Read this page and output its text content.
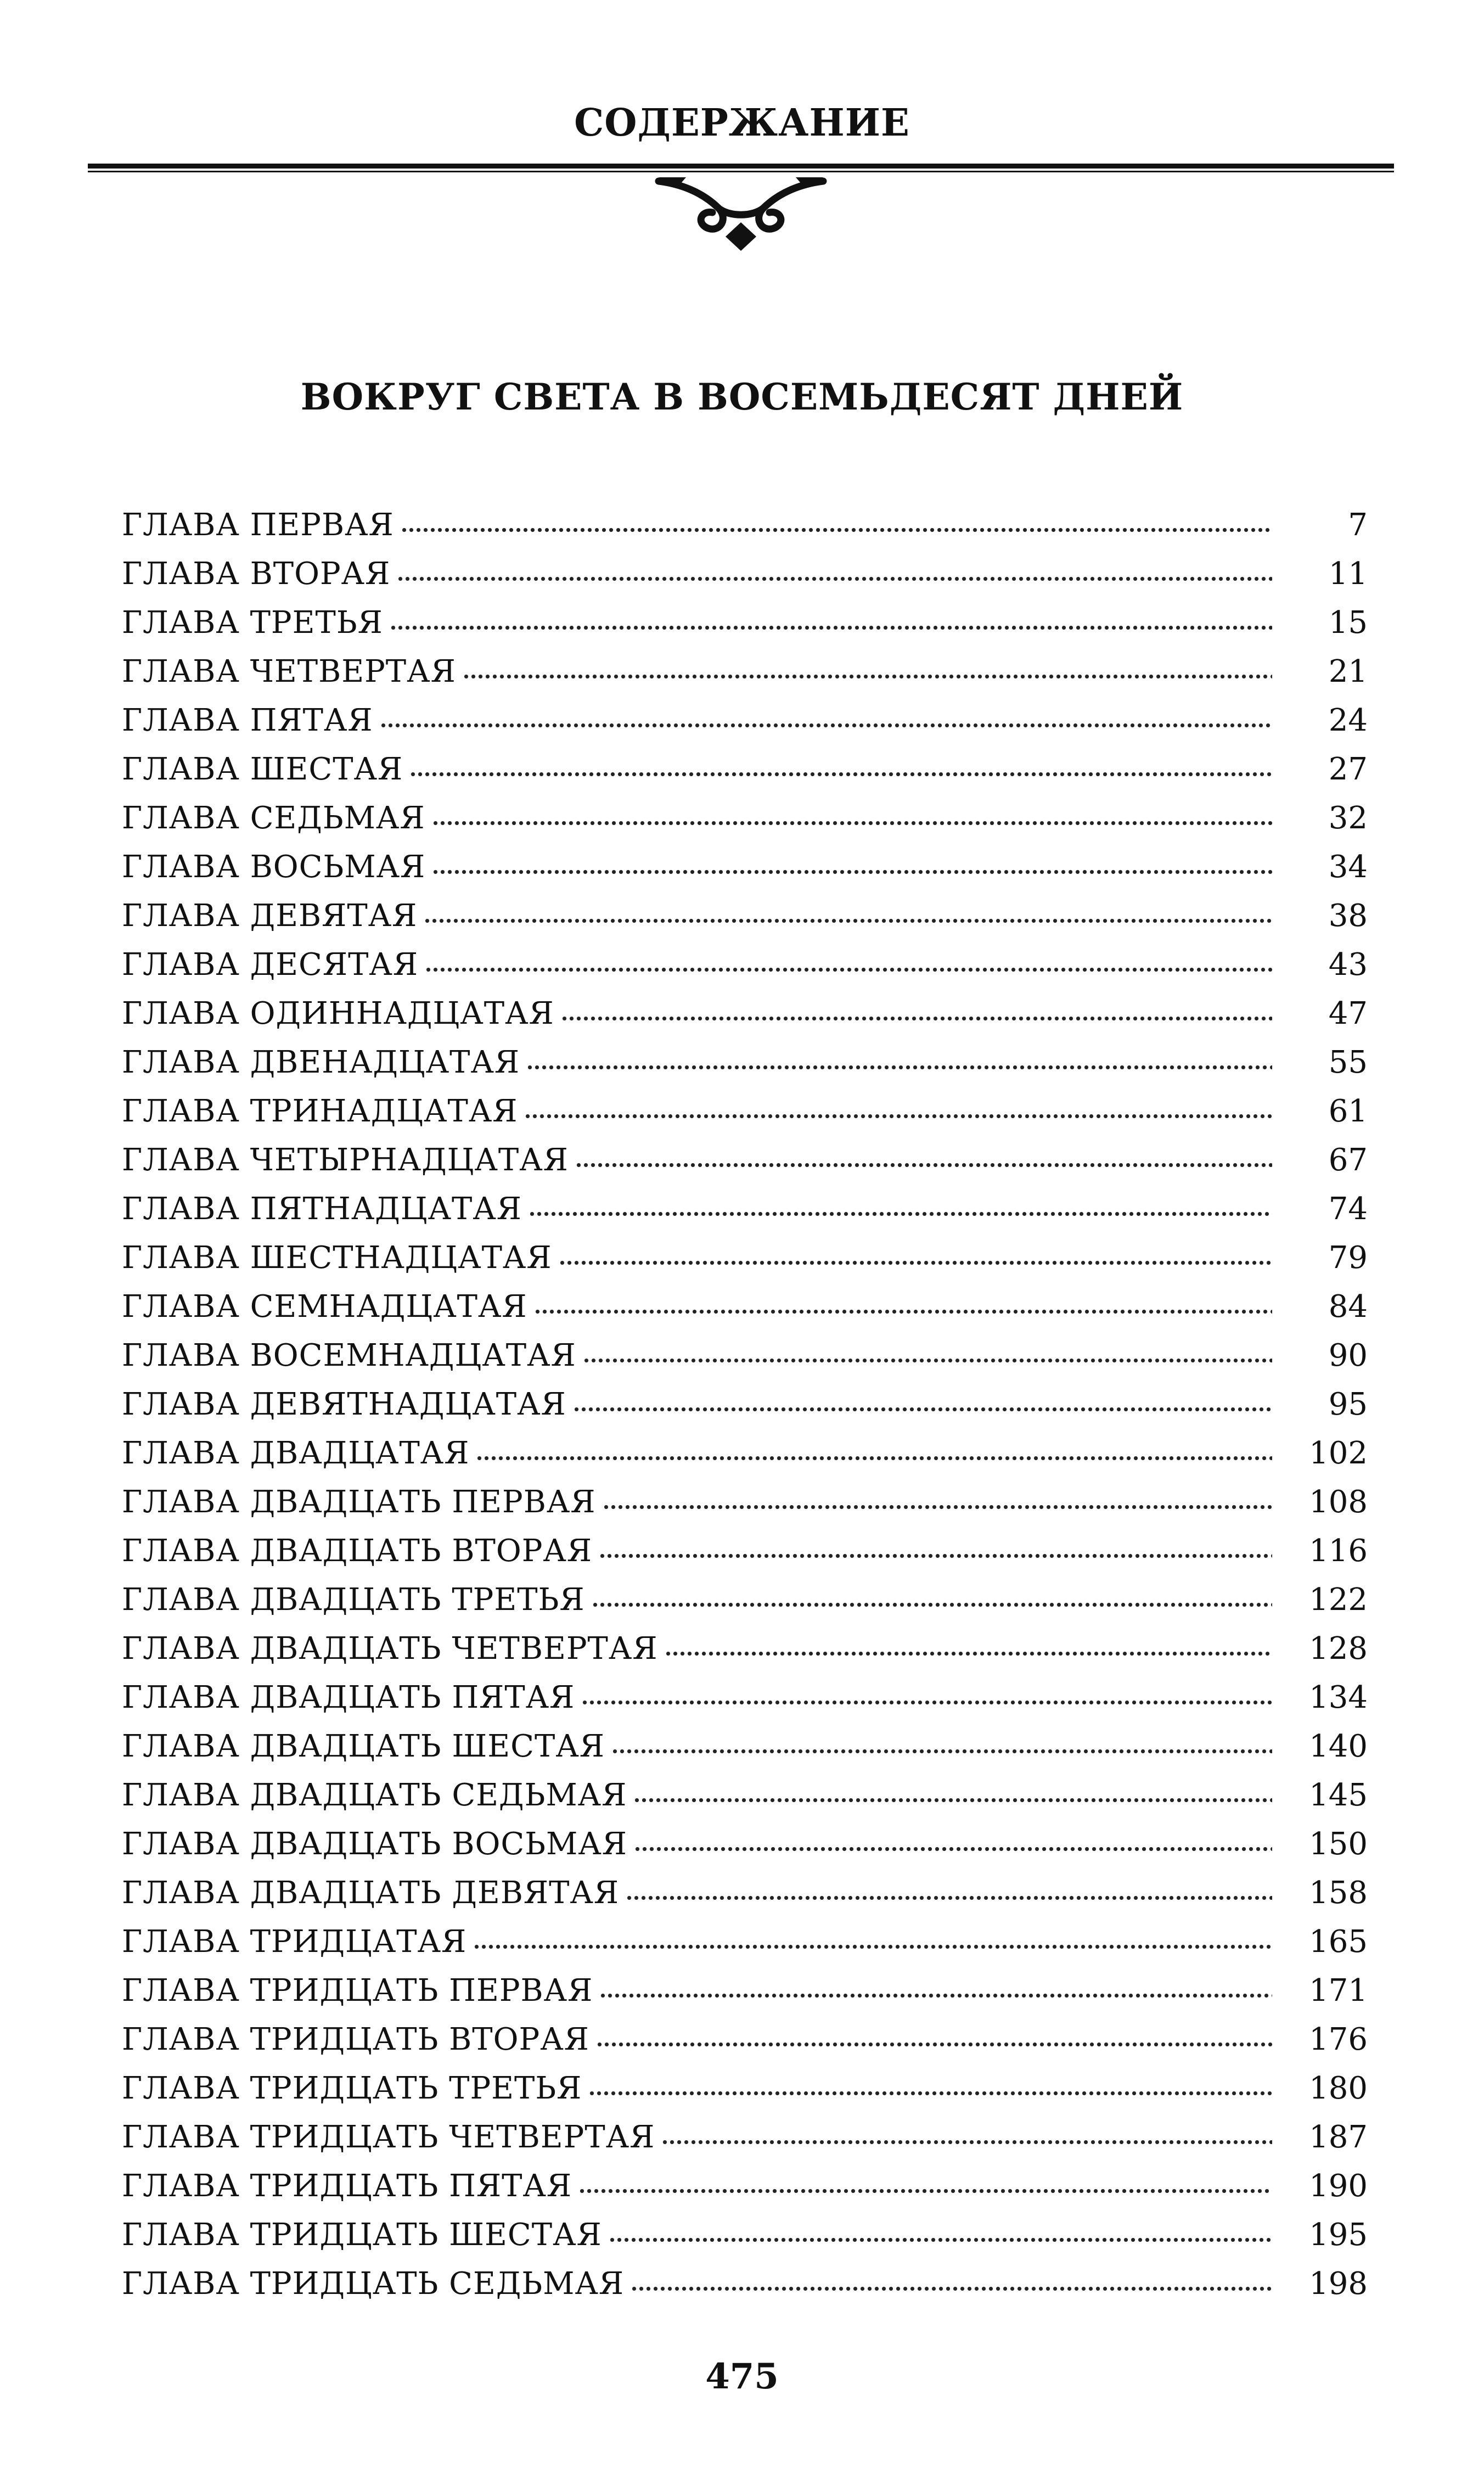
СОДЕРЖАНИЕ
ВОКРУГ СВЕТА В ВОСЕМЬДЕСЯТ ДНЕЙ
ГЛАВА ПЕРВАЯ	7
ГЛАВА ВТОРАЯ	11
ГЛАВА ТРЕТЬЯ	15
ГЛАВА ЧЕТВЕРТАЯ	21
ГЛАВА ПЯТАЯ	24
ГЛАВА ШЕСТАЯ	27
ГЛАВА СЕДЬМАЯ	32
ГЛАВА ВОСЬМАЯ	34
ГЛАВА ДЕВЯТАЯ	38
ГЛАВА ДЕСЯТАЯ	43
ГЛАВА ОДИННАДЦАТАЯ	47
ГЛАВА ДВЕНАДЦАТАЯ	55
ГЛАВА ТРИНАДЦАТАЯ	61
ГЛАВА ЧЕТЫРНАДЦАТАЯ	67
ГЛАВА ПЯТНАДЦАТАЯ	74
ГЛАВА ШЕСТНАДЦАТАЯ	79
ГЛАВА СЕМНАДЦАТАЯ	84
ГЛАВА ВОСЕМНАДЦАТАЯ	90
ГЛАВА ДЕВЯТНАДЦАТАЯ	95
ГЛАВА ДВАДЦАТАЯ	102
ГЛАВА ДВАДЦАТЬ ПЕРВАЯ	108
ГЛАВА ДВАДЦАТЬ ВТОРАЯ	116
ГЛАВА ДВАДЦАТЬ ТРЕТЬЯ	122
ГЛАВА ДВАДЦАТЬ ЧЕТВЕРТАЯ	128
ГЛАВА ДВАДЦАТЬ ПЯТАЯ	134
ГЛАВА ДВАДЦАТЬ ШЕСТАЯ	140
ГЛАВА ДВАДЦАТЬ СЕДЬМАЯ	145
ГЛАВА ДВАДЦАТЬ ВОСЬМАЯ	150
ГЛАВА ДВАДЦАТЬ ДЕВЯТАЯ	158
ГЛАВА ТРИДЦАТАЯ	165
ГЛАВА ТРИДЦАТЬ ПЕРВАЯ	171
ГЛАВА ТРИДЦАТЬ ВТОРАЯ	176
ГЛАВА ТРИДЦАТЬ ТРЕТЬЯ	180
ГЛАВА ТРИДЦАТЬ ЧЕТВЕРТАЯ	187
ГЛАВА ТРИДЦАТЬ ПЯТАЯ	190
ГЛАВА ТРИДЦАТЬ ШЕСТАЯ	195
ГЛАВА ТРИДЦАТЬ СЕДЬМАЯ	198
475
